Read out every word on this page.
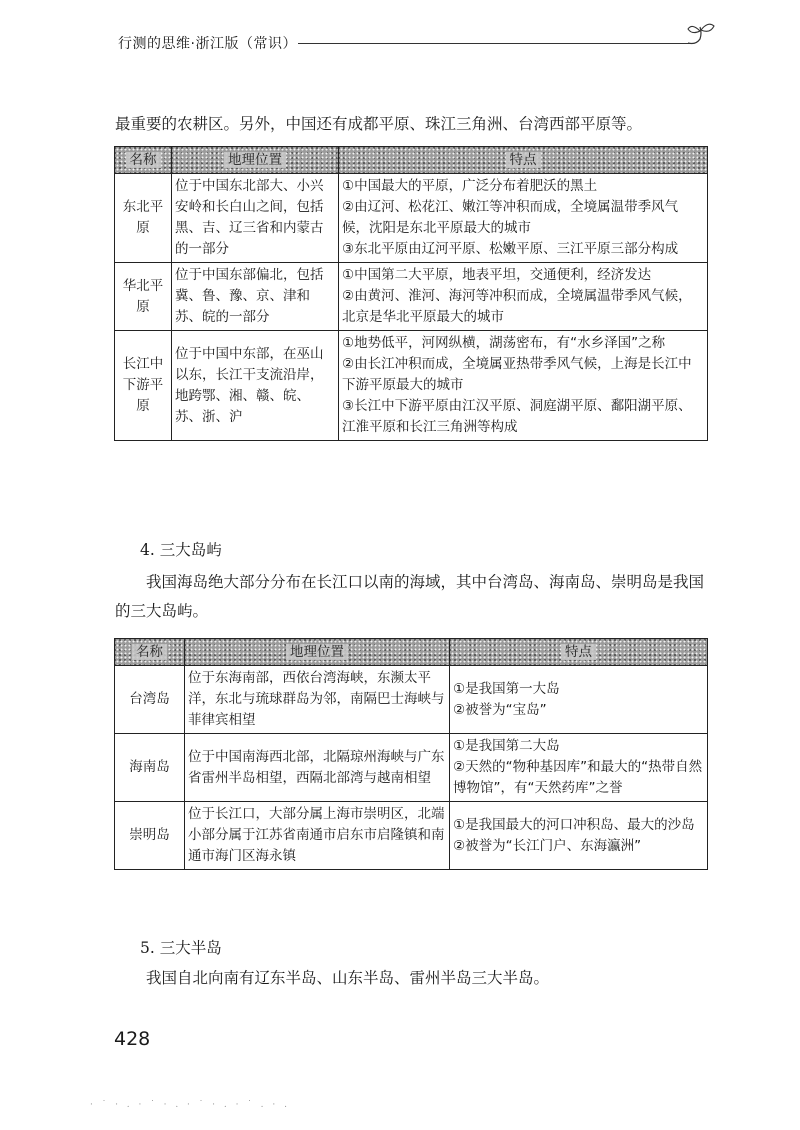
行测的思维·浙江版（常识）

最重要的农耕区。另外，中国还有成都平原、珠江三角洲、台湾西部平原等。

名称	地理位置	特点
东北平原	位于中国东北部大、小兴安岭和长白山之间，包括黑、吉、辽三省和内蒙古的一部分	①中国最大的平原，广泛分布着肥沃的黑土
②由辽河、松花江、嫩江等冲积而成，全境属温带季风气候，沈阳是东北平原最大的城市
③东北平原由辽河平原、松嫩平原、三江平原三部分构成

华北平原	位于中国东部偏北，包括冀、鲁、豫、京、津和苏、皖的一部分	①中国第二大平原，地表平坦，交通便利，经济发达
②由黄河、淮河、海河等冲积而成，全境属温带季风气候，北京是华北平原最大的城市

长江中下游平原	位于中国中东部，在巫山以东，长江干支流沿岸，地跨鄂、湘、赣、皖、苏、浙、沪	①地势低平，河网纵横，湖荡密布，有“水乡泽国”之称
②由长江冲积而成，全境属亚热带季风气候，上海是长江中下游平原最大的城市
③长江中下游平原由江汉平原、洞庭湖平原、鄱阳湖平原、江淮平原和长江三角洲等构成

4. 三大岛屿

我国海岛绝大部分分布在长江口以南的海域，其中台湾岛、海南岛、崇明岛是我国的三大岛屿。

名称	地理位置	特点
台湾岛	位于东海南部，西依台湾海峡，东濒太平洋，东北与琉球群岛为邻，南隔巴士海峡与菲律宾相望	①是我国第一大岛
②被誉为“宝岛”

海南岛	位于中国南海西北部，北隔琼州海峡与广东省雷州半岛相望，西隔北部湾与越南相望	①是我国第二大岛
②天然的“物种基因库”和最大的“热带自然博物馆”，有“天然药库”之誉

崇明岛	位于长江口，大部分属上海市崇明区，北端小部分属于江苏省南通市启东市启隆镇和南通市海门区海永镇	①是我国最大的河口冲积岛、最大的沙岛
②被誉为“长江门户、东海瀛洲”

5. 三大半岛

我国自北向南有辽东半岛、山东半岛、雷州半岛三大半岛。

428
· ˙ · . · ˙ · . · ˙ · . · ˙ . · .
